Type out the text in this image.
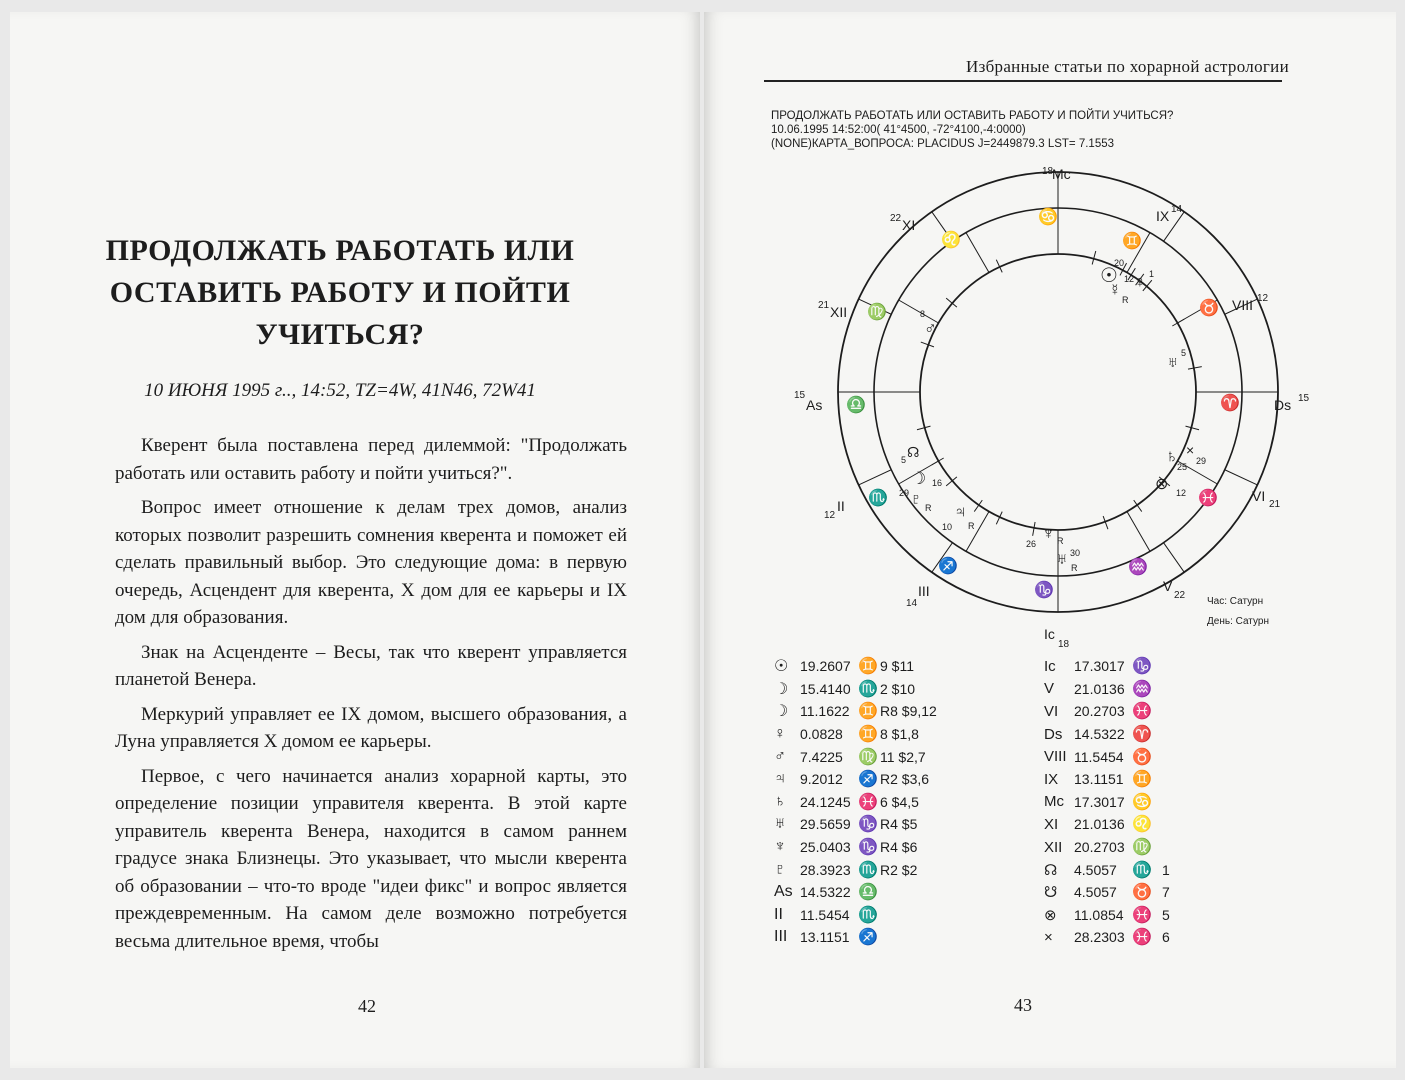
ПРОДОЛЖАТЬ РАБОТАТЬ ИЛИ
ОСТАВИТЬ РАБОТУ И ПОЙТИ
УЧИТЬСЯ?
10 ИЮНЯ 1995 г.., 14:52, TZ=4W, 41N46, 72W41

Кверент была поставлена перед дилеммой: "Продолжать работать или оставить работу и пойти учиться?".

Вопрос имеет отношение к делам трех домов, анализ которых позволит разрешить сомнения кверента и поможет ей сделать правильный выбор. Это следующие дома: в первую очередь, Асцендент для кверента, X дом для ее карьеры и IX дом для образования.

Знак на Асценденте – Весы, так что кверент управляется планетой Венера.

Меркурий управляет ее IX домом, высшего образования, а Луна управляется X домом ее карьеры.

Первое, с чего начинается анализ хорарной карты, это определение позиции управителя кверента. В этой карте управитель кверента Венера, находится в самом раннем градусе знака Близнецы. Это указывает, что мысли кверента об образовании – что-то вроде "идеи фикс" и вопрос является преждевременным. На самом деле возможно потребуется весьма длительное время, чтобы

42
Избранные статьи по хорарной астрологии
ПРОДОЛЖАТЬ РАБОТАТЬ ИЛИ ОСТАВИТЬ РАБОТУ И ПОЙТИ УЧИТЬСЯ?
10.06.1995 14:52:00( 41°4500, -72°4100,-4:0000)
(NONE)КАРТА_ВОПРОСА: PLACIDUS J=2449879.3 LST= 7.1553
18
Mc
Ic
18
15
As	Ds 15
22 XI
IX 14
21 XII	VIII 12
12
II
VI
21
III
14
V
22
♋
♌	♊
♍	♉
♎	♈
♏	♓
♐	♒
♑
☉
20
12
☿
R
♀ 1
8
♂
♅
5
♄
25
×
29
⊗ 12
5 ☊
☽ 16
29 ♇ R ♃
10 R	♆
26 R
♅ 30
R
Час: Сатурн
День: Сатурн
☉ 19.2607 ♊ 9 $11
☽ 15.4140 ♏ 2 $10
☽ 11.1622 ♊ R8 $9,12
♀	0.0828 ♊ 8 $1,8
♂	7.4225 ♍ 11 $2,7
♃	9.2012 ♐ R2 $3,6
♄	24.1245 ♓ 6 $4,5
♅	29.5659 ♑ R4 $5
♆	25.0403 ♑ R4 $6
♇	28.3923 ♏ R2 $2
As 14.5322 ♎
II	11.5454 ♏
III 13.1151 ♐
Ic	17.3017 ♑
V	21.0136 ♒
VI	20.2703 ♓
Ds 14.5322 ♈
VIII 11.5454 ♉
IX	13.1151 ♊
Mc 17.3017 ♋
XI	21.0136 ♌
XII 20.2703 ♍
☊	4.5057 ♏ 1
☋	4.5057 ♉ 7
⊗	11.0854 ♓ 5
×	28.2303 ♓ 6
43
